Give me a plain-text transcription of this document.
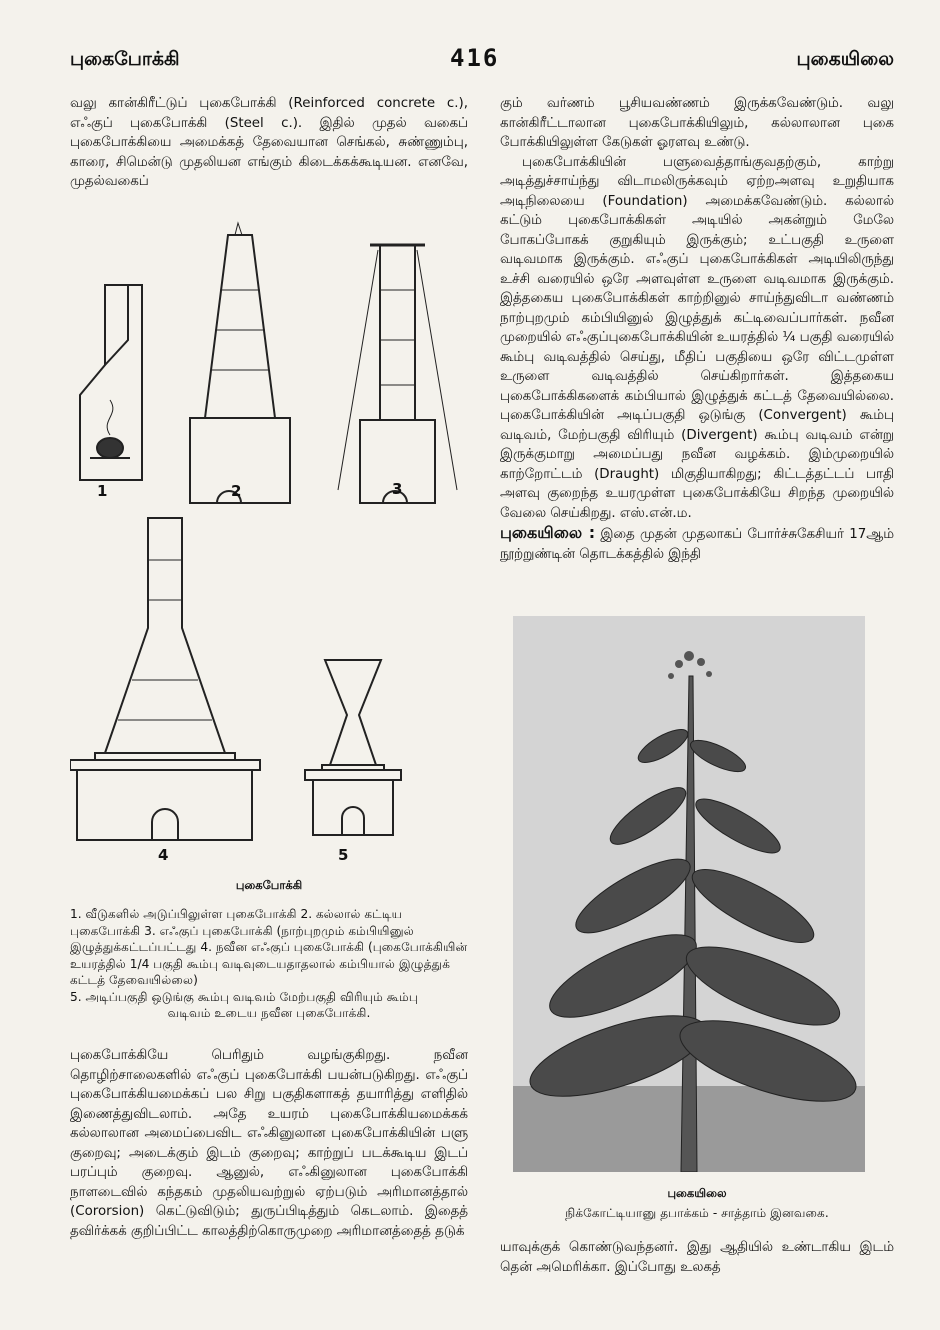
புகைபோக்கி	416	புகையிலை

வலு கான்கிரீட்டுப் புகைபோக்கி (Reinforced concrete c.), எஃகுப் புகைபோக்கி (Steel c.). இதில் முதல் வகைப் புகைபோக்கியை அமைக்கத் தேவையான செங்கல், சுண்ணும்பு, காரை, சிமென்டு முதலியன எங்கும் கிடைக்கக்கூடியன. எனவே, முதல்வகைப்

1	2	3
4	5
புகைபோக்கி

1. வீடுகளில் அடுப்பிலுள்ள புகைபோக்கி 2. கல்லால் கட்டிய புகைபோக்கி 3. எஃகுப் புகைபோக்கி (நாற்புறமும் கம்பியினுல் இழுத்துக்கட்டப்பட்டது 4. நவீன எஃகுப் புகைபோக்கி (புகைபோக்கியின் உயரத்தில் 1/4 பகுதி கூம்பு வடிவுடையதாதலால் கம்பியால் இழுத்துக் கட்டத் தேவையில்லை)

5. அடிப்பகுதி ஒடுங்கு கூம்பு வடிவம் மேற்பகுதி விரியும் கூம்பு

வடிவம் உடைய நவீன புகைபோக்கி.

புகைபோக்கியே பெரிதும் வழங்குகிறது. நவீன தொழிற்சாலைகளில் எஃகுப் புகைபோக்கி பயன்படுகிறது. எஃகுப் புகைபோக்கியமைக்கப் பல சிறு பகுதிகளாகத் தயாரித்து எளிதில் இணைத்துவிடலாம். அதே உயரம் புகைபோக்கியமைக்கக் கல்லாலான அமைப்பைவிட எஃகினுலான புகைபோக்கியின் பளு குறைவு; அடைக்கும் இடம் குறைவு; காற்றுப் படக்கூடிய இடப் பரப்பும் குறைவு. ஆனுல், எஃகினுலான புகைபோக்கி நாளடைவில் கந்தகம் முதலியவற்றுல் ஏற்படும் அரிமானத்தால் (Cororsion) கெட்டுவிடும்; துருப்பிடித்தும் கெடலாம். இதைத் தவிர்க்கக் குறிப்பிட்ட காலத்திற்கொருமுறை அரிமானத்தைத் தடுக்

கும் வர்ணம் பூசியவண்ணம் இருக்கவேண்டும். வலு கான்கிரீட்டாலான புகைபோக்கியிலும், கல்லாலான புகை போக்கியிலுள்ள கேடுகள் ஓரளவு உண்டு.

புகைபோக்கியின் பளுவைத்தாங்குவதற்கும், காற்று அடித்துச்சாய்ந்து விடாமலிருக்கவும் ஏற்றஅளவு உறுதியாக அடிநிலையை (Foundation) அமைக்கவேண்டும். கல்லால் கட்டும் புகைபோக்கிகள் அடியில் அகன்றும் மேலே போகப்போகக் குறுகியும் இருக்கும்; உட்பகுதி உருளை வடிவமாக இருக்கும். எஃகுப் புகைபோக்கிகள் அடியிலிருந்து உச்சி வரையில் ஒரே அளவுள்ள உருளை வடிவமாக இருக்கும். இத்தகைய புகைபோக்கிகள் காற்றினுல் சாய்ந்துவிடா வண்ணம் நாற்புறமும் கம்பியினுல் இழுத்துக் கட்டிவைப்பார்கள். நவீன முறையில் எஃகுப்புகைபோக்கியின் உயரத்தில் ¼ பகுதி வரையில் கூம்பு வடிவத்தில் செய்து, மீதிப் பகுதியை ஒரே விட்டமுள்ள உருளை வடிவத்தில் செய்கிறார்கள். இத்தகைய புகைபோக்கிகளைக் கம்பியால் இழுத்துக் கட்டத் தேவையில்லை. புகைபோக்கியின் அடிப்பகுதி ஒடுங்கு (Convergent) கூம்பு வடிவம், மேற்பகுதி விரியும் (Divergent) கூம்பு வடிவம் என்று இருக்குமாறு அமைப்பது நவீன வழக்கம். இம்முறையில் காற்றோட்டம் (Draught) மிகுதியாகிறது; கிட்டத்தட்டப் பாதி அளவு குறைந்த உயரமுள்ள புகைபோக்கியே சிறந்த முறையில் வேலை செய்கிறது. எஸ்.என்.ம.

புகையிலை : இதை முதன் முதலாகப் போர்ச்சுகேசியர் 17ஆம் நூற்றுண்டின் தொடக்கத்தில் இந்தி

புகையிலை
நிக்கோட்டியானு தபாக்கம் - சாத்தாம் இனவகை.

யாவுக்குக் கொண்டுவந்தனர். இது ஆதியில் உண்டாகிய இடம் தென் அமெரிக்கா. இப்போது உலகத்
